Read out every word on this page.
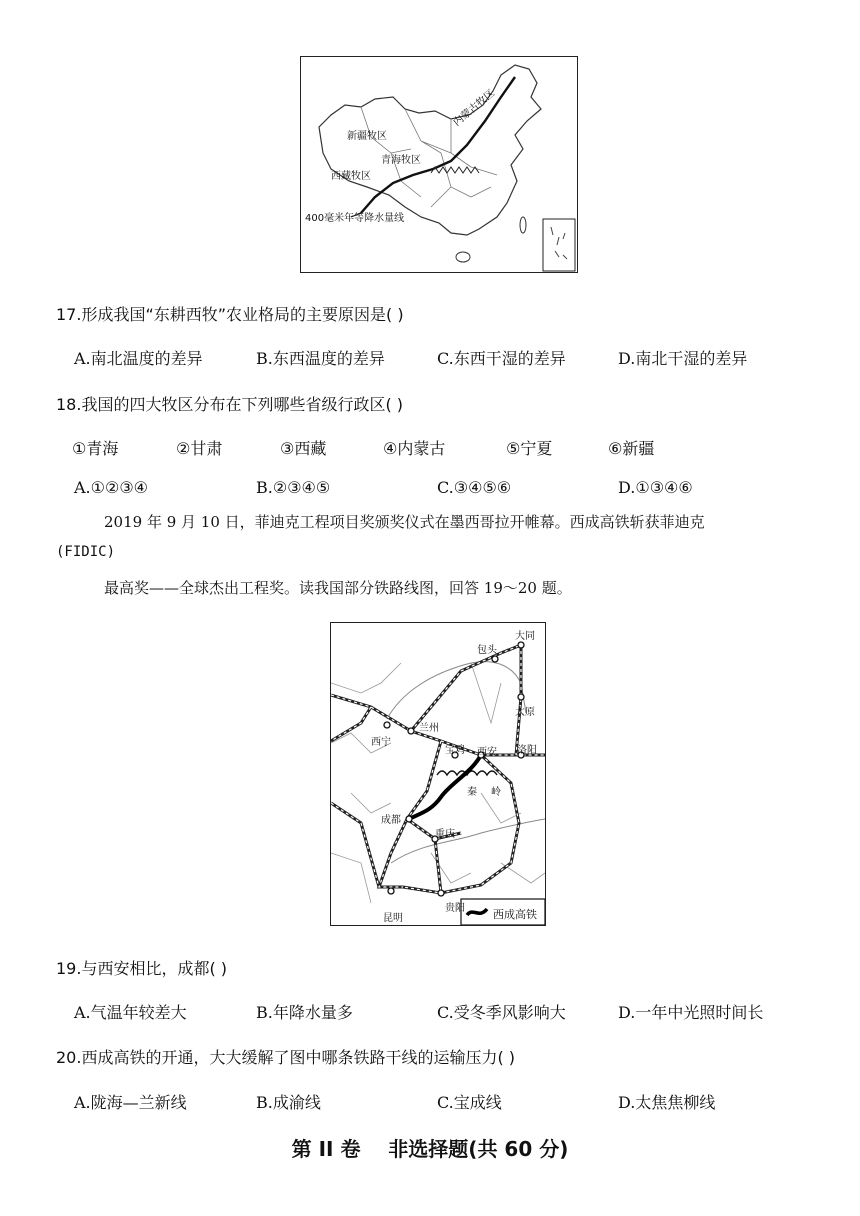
新疆牧区
青海牧区
西藏牧区
内蒙古牧区
400毫米年等降水量线
17.形成我国“东耕西牧”农业格局的主要原因是( )
A.南北温度的差异	B.东西温度的差异	C.东西干湿的差异	D.南北干湿的差异
18.我国的四大牧区分布在下列哪些省级行政区( )
①青海	②甘肃	③西藏	④内蒙古	⑤宁夏	⑥新疆
A.①②③④	B.②③④⑤	C.③④⑤⑥	D.①③④⑥
2019 年 9 月 10 日，菲迪克工程项目奖颁奖仪式在墨西哥拉开帷幕。西成高铁斩获菲迪克
(FIDIC)
最高奖——全球杰出工程奖。读我国部分铁路线图，回答 19～20 题。
包头
大同
太原
兰州
西宁
宝鸡 西安 洛阳
秦 岭
成都
重庆
贵阳
昆明	西成高铁
19.与西安相比，成都( )
A.气温年较差大	B.年降水量多	C.受冬季风影响大	D.一年中光照时间长
20.西成高铁的开通，大大缓解了图中哪条铁路干线的运输压力( )
A.陇海—兰新线	B.成渝线	C.宝成线	D.太焦焦柳线
第 II 卷    非选择题(共 60 分)
